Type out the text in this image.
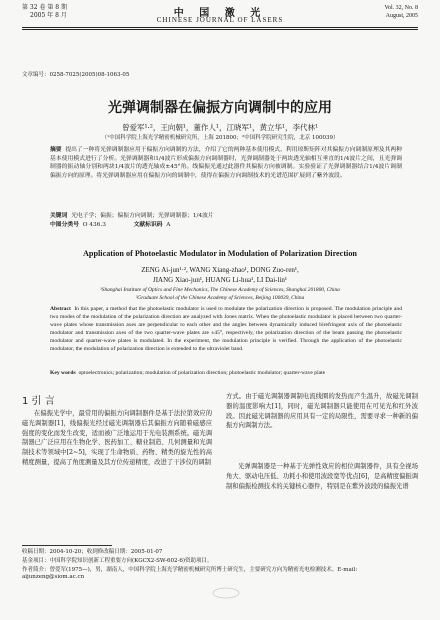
第 32 卷 第 8 期
2005 年 8 月	中 国 激 光
CHINESE JOURNAL OF LASERS
Vol. 32, No. 8
August, 2005
文章编号：0258-7025(2005)08-1063-05
光弹调制器在偏振方向调制中的应用
曾爱军¹·²，王向朝¹，董作人¹，江晓军¹，黄立华¹，李代林¹
（¹中国科学院上海光学精密机械研究所，上海 201800；²中国科学院研究生院，北京 100039）
摘要 提出了一种将光弹调制器应用于偏振方向调制的方法，介绍了它的两种基本使用模式，利用琼斯矩阵对其偏振方向调制原理及其两种基本使用模式进行了分析。光弹调制器和1/4波片形成偏振方向调制器时，光弹调制器处于两块透光轴相互垂直的1/4波片之间，且光弹调制器的振动轴分别和两块1/4波片的透光轴成±45°角。线偏振光通过此器件其偏振方向被调制。实验验证了光弹调制器结合1/4波片调制偏振方向的原理。将光弹调制器应用在偏振方向的调制中，使得在偏振方向调制技术的光谱范围扩展到了紫外波段。
关键词 光电子学；偏振；偏振方向调制；光弹调制器；1/4波片
中图分类号 O 436.3	文献标识码 A
Application of Photoelastic Modulator in Modulation of Polarization Direction
ZENG Ai-jun¹·², WANG Xiang-zhao¹, DONG Zuo-ren¹,
JIANG Xiao-jun¹, HUANG Li-hua¹, LI Dai-lin¹
¹Shanghai Institute of Optics and Fine Mechanics, The Chinese Academy of Sciences, Shanghai 201800, China
²Graduate School of the Chinese Academy of Sciences, Beijing 100039, China
Abstract In this paper, a method that the photoelastic modulator is used to modulate the polarization direction is proposed. The modulation principle and two modes of the modulation of the polarization direction are analyzed with Jones matrix. When the photoelastic modulator is placed between two quarter-wave plates whose transmission axes are perpendicular to each other and the angles between dynamically induced birefringent axis of the photoelastic modulator and transmission axes of the two quarter-wave plates are ±45°, respectively, the polarization direction of the beam passing the photoelastic modulator and quarter-wave plates is modulated. In the experiment, the modulation principle is verified. Through the application of the photoelastic modulator, the modulation of polarization direction is extended to the ultraviolet band.
Key words optoelectronics; polarization; modulation of polarization direction; photoelastic modulator; quarter-wave plate
1 引 言
在偏振光学中，最常用的偏振方向调制器件是基于法拉第效应的磁光调制器[1]，线偏振光经过磁光调制器后其偏振方向随着磁感应强度的变化而发生改变，适而被广泛地运用于光电装测系统。磁光调制器已广泛应用在生物化学、医药加工、糖业制造、几何测量和光调制技术等领域中[2~5]，实现了生命物质、药物、精类的旋光性的高精度测量，提高了角度测量及其方位传递精度，改进了干涉仪的调制
方式。由于磁光调制器调制电流线圈的发热而产生温升，故磁光调制器的温度影响大[1]，同时，磁光调制器只能使用在可见光和红外波段。因此磁光调制器的应用具有一定的局限性，需要寻求一种新的偏振方向调制方法。
光弹调制器是一种基于光弹性效应的相位调制器件，具有全视场角大、驱动电压低、功耗小和使用波段宽等优点[6]，是高精度偏振调制和偏振检测技术的关键核心器件，特别是在紫外波段的偏振光谱
收稿日期：2004-10-20；收到修改稿日期：2005-01-07
基金项目：中国科学院知识创新工程重要方向(KGCX2-SW-602-6)资助项目。
作者简介：曾爱军(1975—)，男，湖南人，中国科学院上海光学精密机械研究所博士研究生，主要研究方向为精密光电检测技术。E-mail: aijunzeng@siom.ac.cn
